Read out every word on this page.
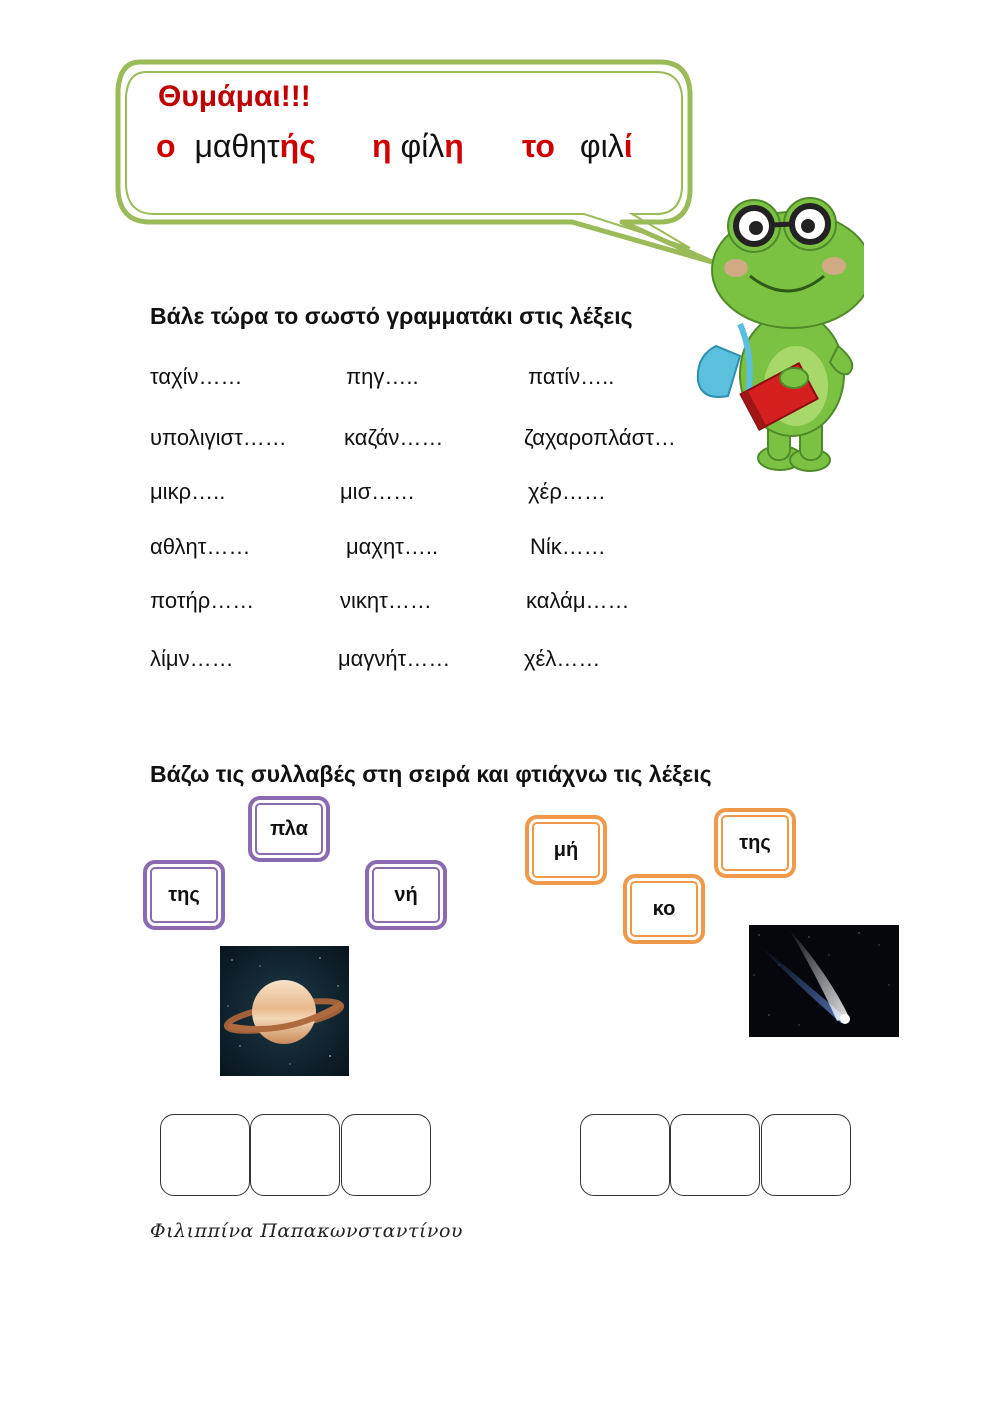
Θυμάμαι!!!
ο μαθητής η φίλη το φιλί
Βάλε τώρα το σωστό γραμματάκι στις λέξεις
ταχίν……	πηγ…..	πατίν…..
υπολιγιστ……	καζάν……	ζαχαροπλάστ…
μικρ…..	μισ……	χέρ……
αθλητ……	μαχητ…..	Νίκ……
ποτήρ……	νικητ……	καλάμ……
λίμν……	μαγνήτ……	χέλ……
Βάζω τις συλλαβές στη σειρά και φτιάχνω τις λέξεις
πλα
της	νή
μή	της
κο
Φιλιππίνα Παπακωνσταντίνου
